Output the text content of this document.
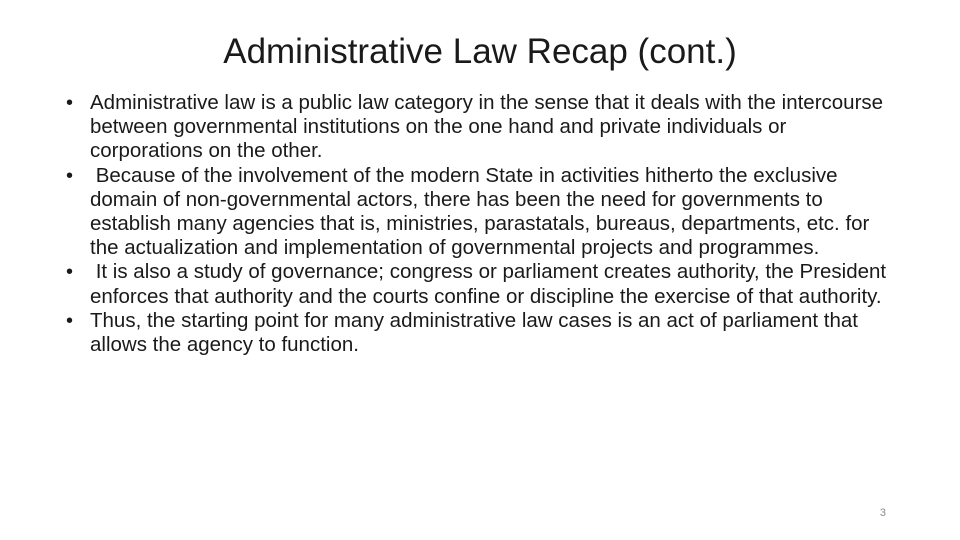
Administrative Law Recap (cont.)
• Administrative law is a public law category in the sense that it deals with the intercourse between governmental institutions on the one hand and private individuals or corporations on the other.
• Because of the involvement of the modern State in activities hitherto the exclusive domain of non-governmental actors, there has been the need for governments to establish many agencies that is, ministries, parastatals, bureaus, departments, etc. for the actualization and implementation of governmental projects and programmes.
• It is also a study of governance; congress or parliament creates authority, the President enforces that authority and the courts confine or discipline the exercise of that authority.
• Thus, the starting point for many administrative law cases is an act of parliament that allows the agency to function.
3
